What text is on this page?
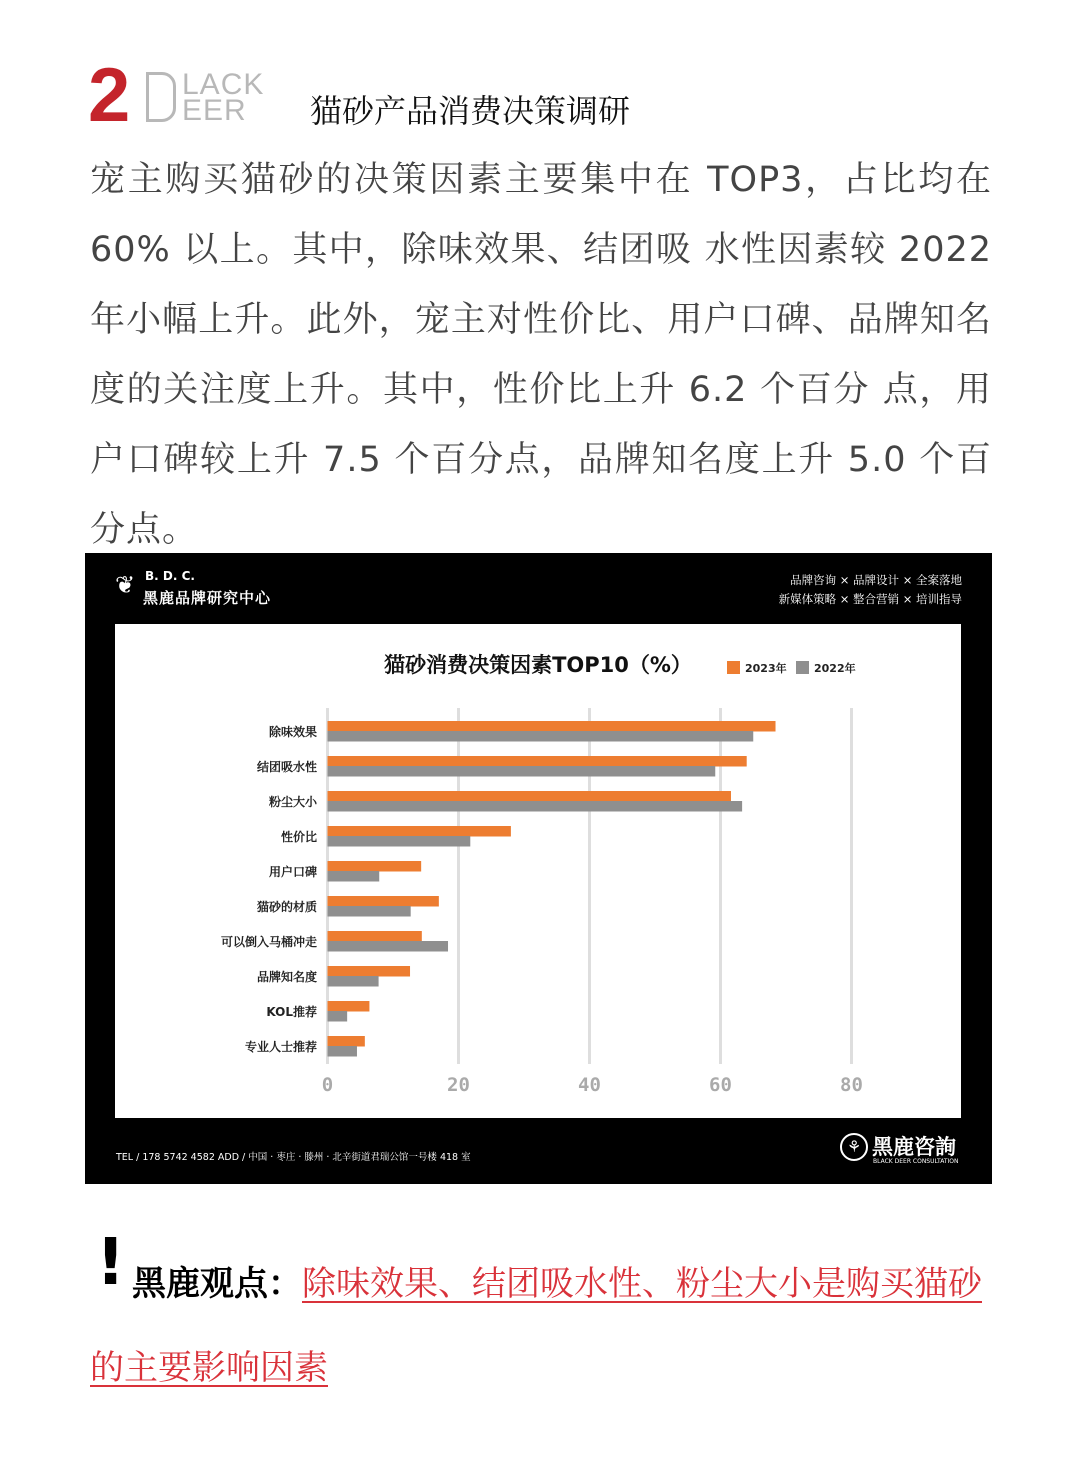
2 LACK
EER 猫砂产品消费决策调研
宠主购买猫砂的决策因素主要集中在 TOP3，占比均在 60% 以上。其中，除味效果、结团吸 水性因素较 2022 年小幅上升。此外，宠主对性价比、用户口碑、品牌知名度的关注度上升。其中，性价比上升 6.2 个百分 点，用户口碑较上升 7.5 个百分点，品牌知名度上升 5.0 个百分点。
❦ B. D. C.
黑鹿品牌研究中心
品牌咨询 × 品牌设计 × 全案落地
新媒体策略 × 整合营销 × 培训指导
猫砂消费决策因素TOP10（%）	2023年 2022年
0	20	40	60	80
除味效果
结团吸水性
粉尘大小
性价比
用户口碑
猫砂的材质
可以倒入马桶冲走
品牌知名度
KOL推荐
专业人士推荐
TEL / 178 5742 4582 ADD / 中国 · 枣庄 · 滕州 · 北辛街道君瑞公馆一号楼 418 室
⚘ 黑鹿咨詢
BLACK DEER CONSULTATION
! 黑鹿观点：除味效果、结团吸水性、粉尘大小是购买猫砂的主要影响因素
